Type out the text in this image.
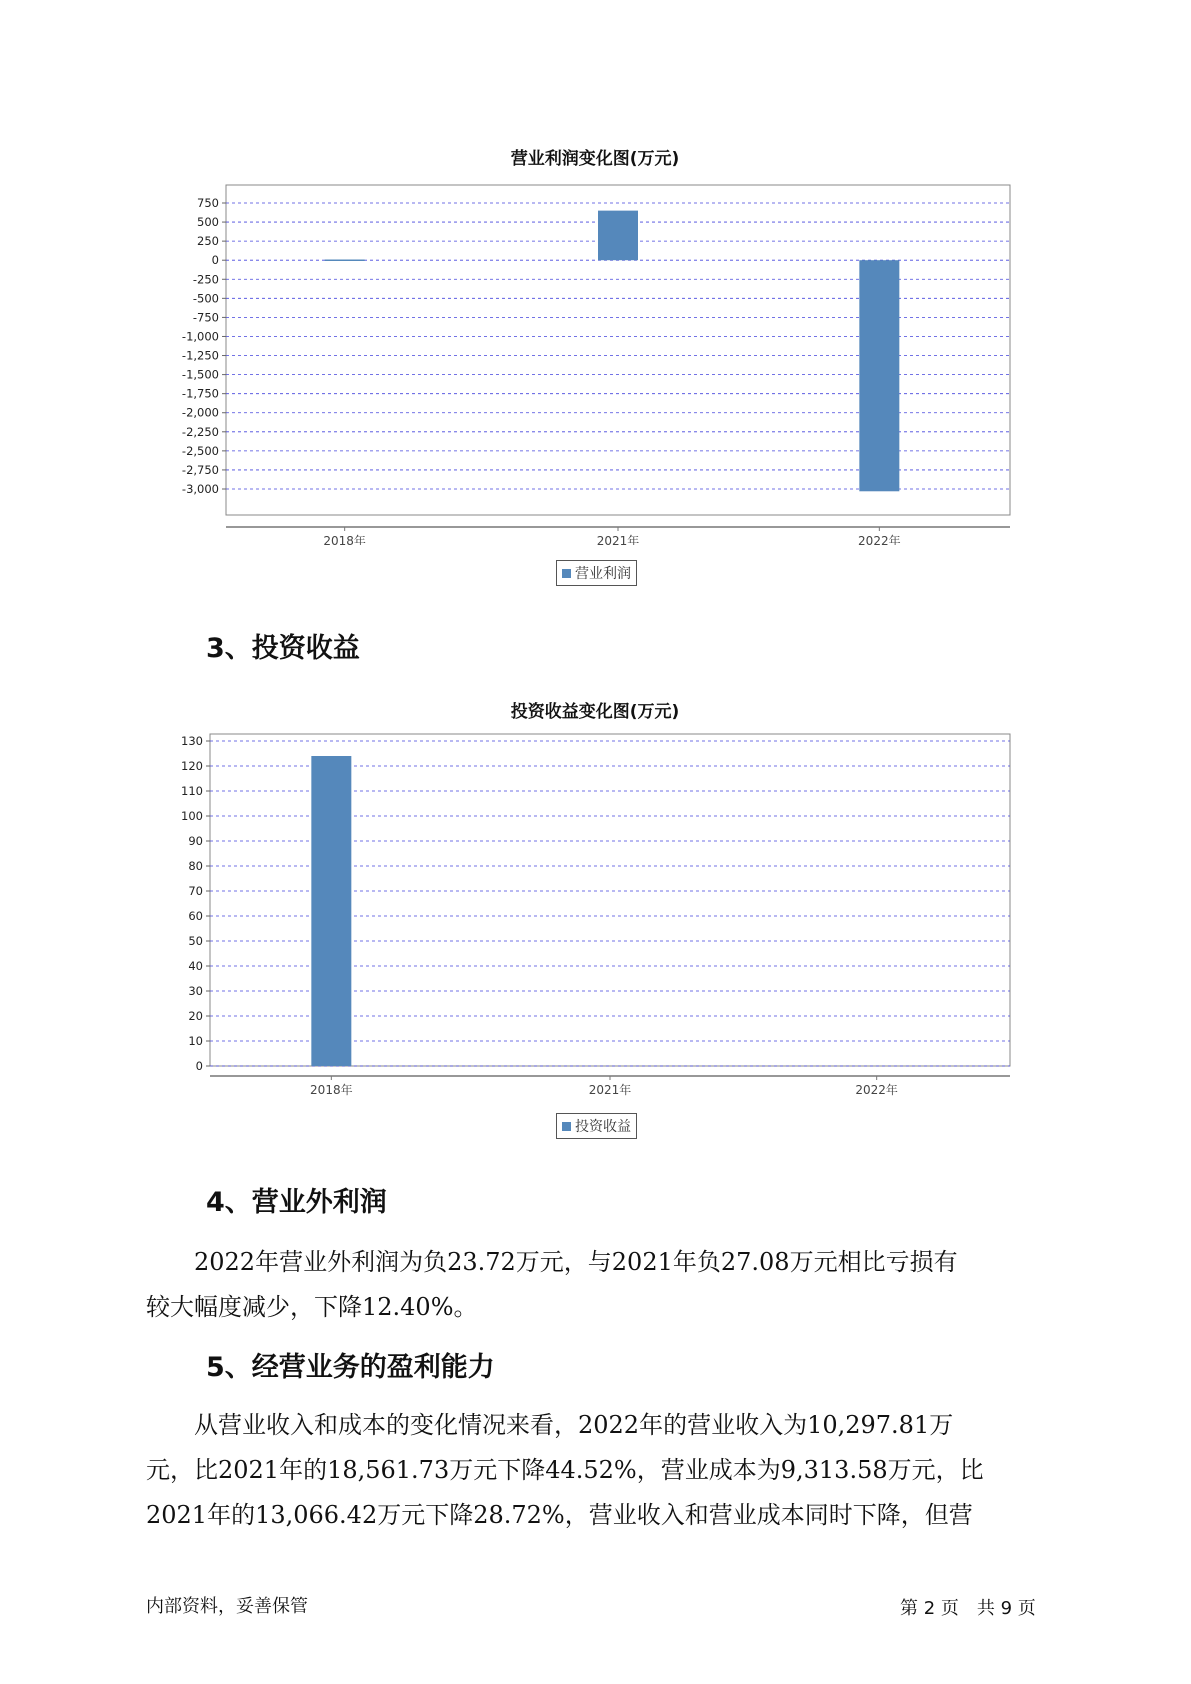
营业利润变化图(万元)
750
500
250
0
-250
-500
-750
-1,000
-1,250
-1,500
-1,750
-2,000
-2,250
-2,500
-2,750
-3,000
2018年	2021年	2022年
营业利润
3、投资收益
投资收益变化图(万元)
130
120
110
100
90
80
70
60
50
40
30
20
10
0
2018年	2021年	2022年
投资收益
4、营业外利润

　　2022年营业外利润为负23.72万元，与2021年负27.08万元相比亏损有
较大幅度减少，下降12.40%。

5、经营业务的盈利能力

　　从营业收入和成本的变化情况来看，2022年的营业收入为10,297.81万
元，比2021年的18,561.73万元下降44.52%，营业成本为9,313.58万元，比
2021年的13,066.42万元下降28.72%，营业收入和营业成本同时下降，但营

内部资料，妥善保管	第 2 页　共 9 页
